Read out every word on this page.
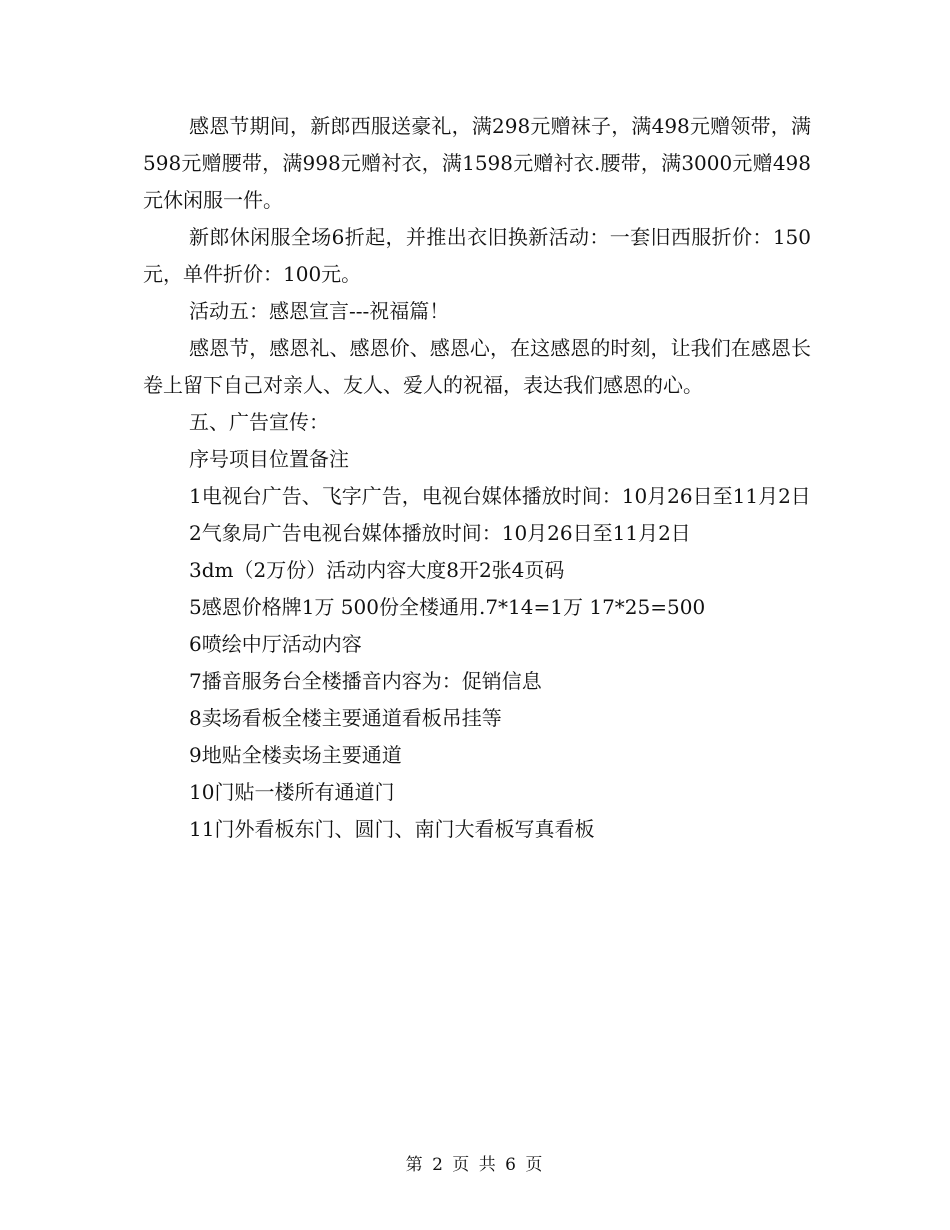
感恩节期间，新郎西服送豪礼，满298元赠袜子，满498元赠领带，满598元赠腰带，满998元赠衬衣，满1598元赠衬衣.腰带，满3000元赠498元休闲服一件。

新郎休闲服全场6折起，并推出衣旧换新活动：一套旧西服折价：150元，单件折价：100元。

活动五：感恩宣言---祝福篇！

感恩节，感恩礼、感恩价、感恩心，在这感恩的时刻，让我们在感恩长卷上留下自己对亲人、友人、爱人的祝福，表达我们感恩的心。

五、广告宣传：

序号项目位置备注

1电视台广告、飞字广告，电视台媒体播放时间：10月26日至11月2日

2气象局广告电视台媒体播放时间：10月26日至11月2日

3dm（2万份）活动内容大度8开2张4页码

5感恩价格牌1万 500份全楼通用.7*14=1万 17*25=500

6喷绘中厅活动内容

7播音服务台全楼播音内容为：促销信息

8卖场看板全楼主要通道看板吊挂等

9地贴全楼卖场主要通道

10门贴一楼所有通道门

11门外看板东门、圆门、南门大看板写真看板

第 2 页 共 6 页
